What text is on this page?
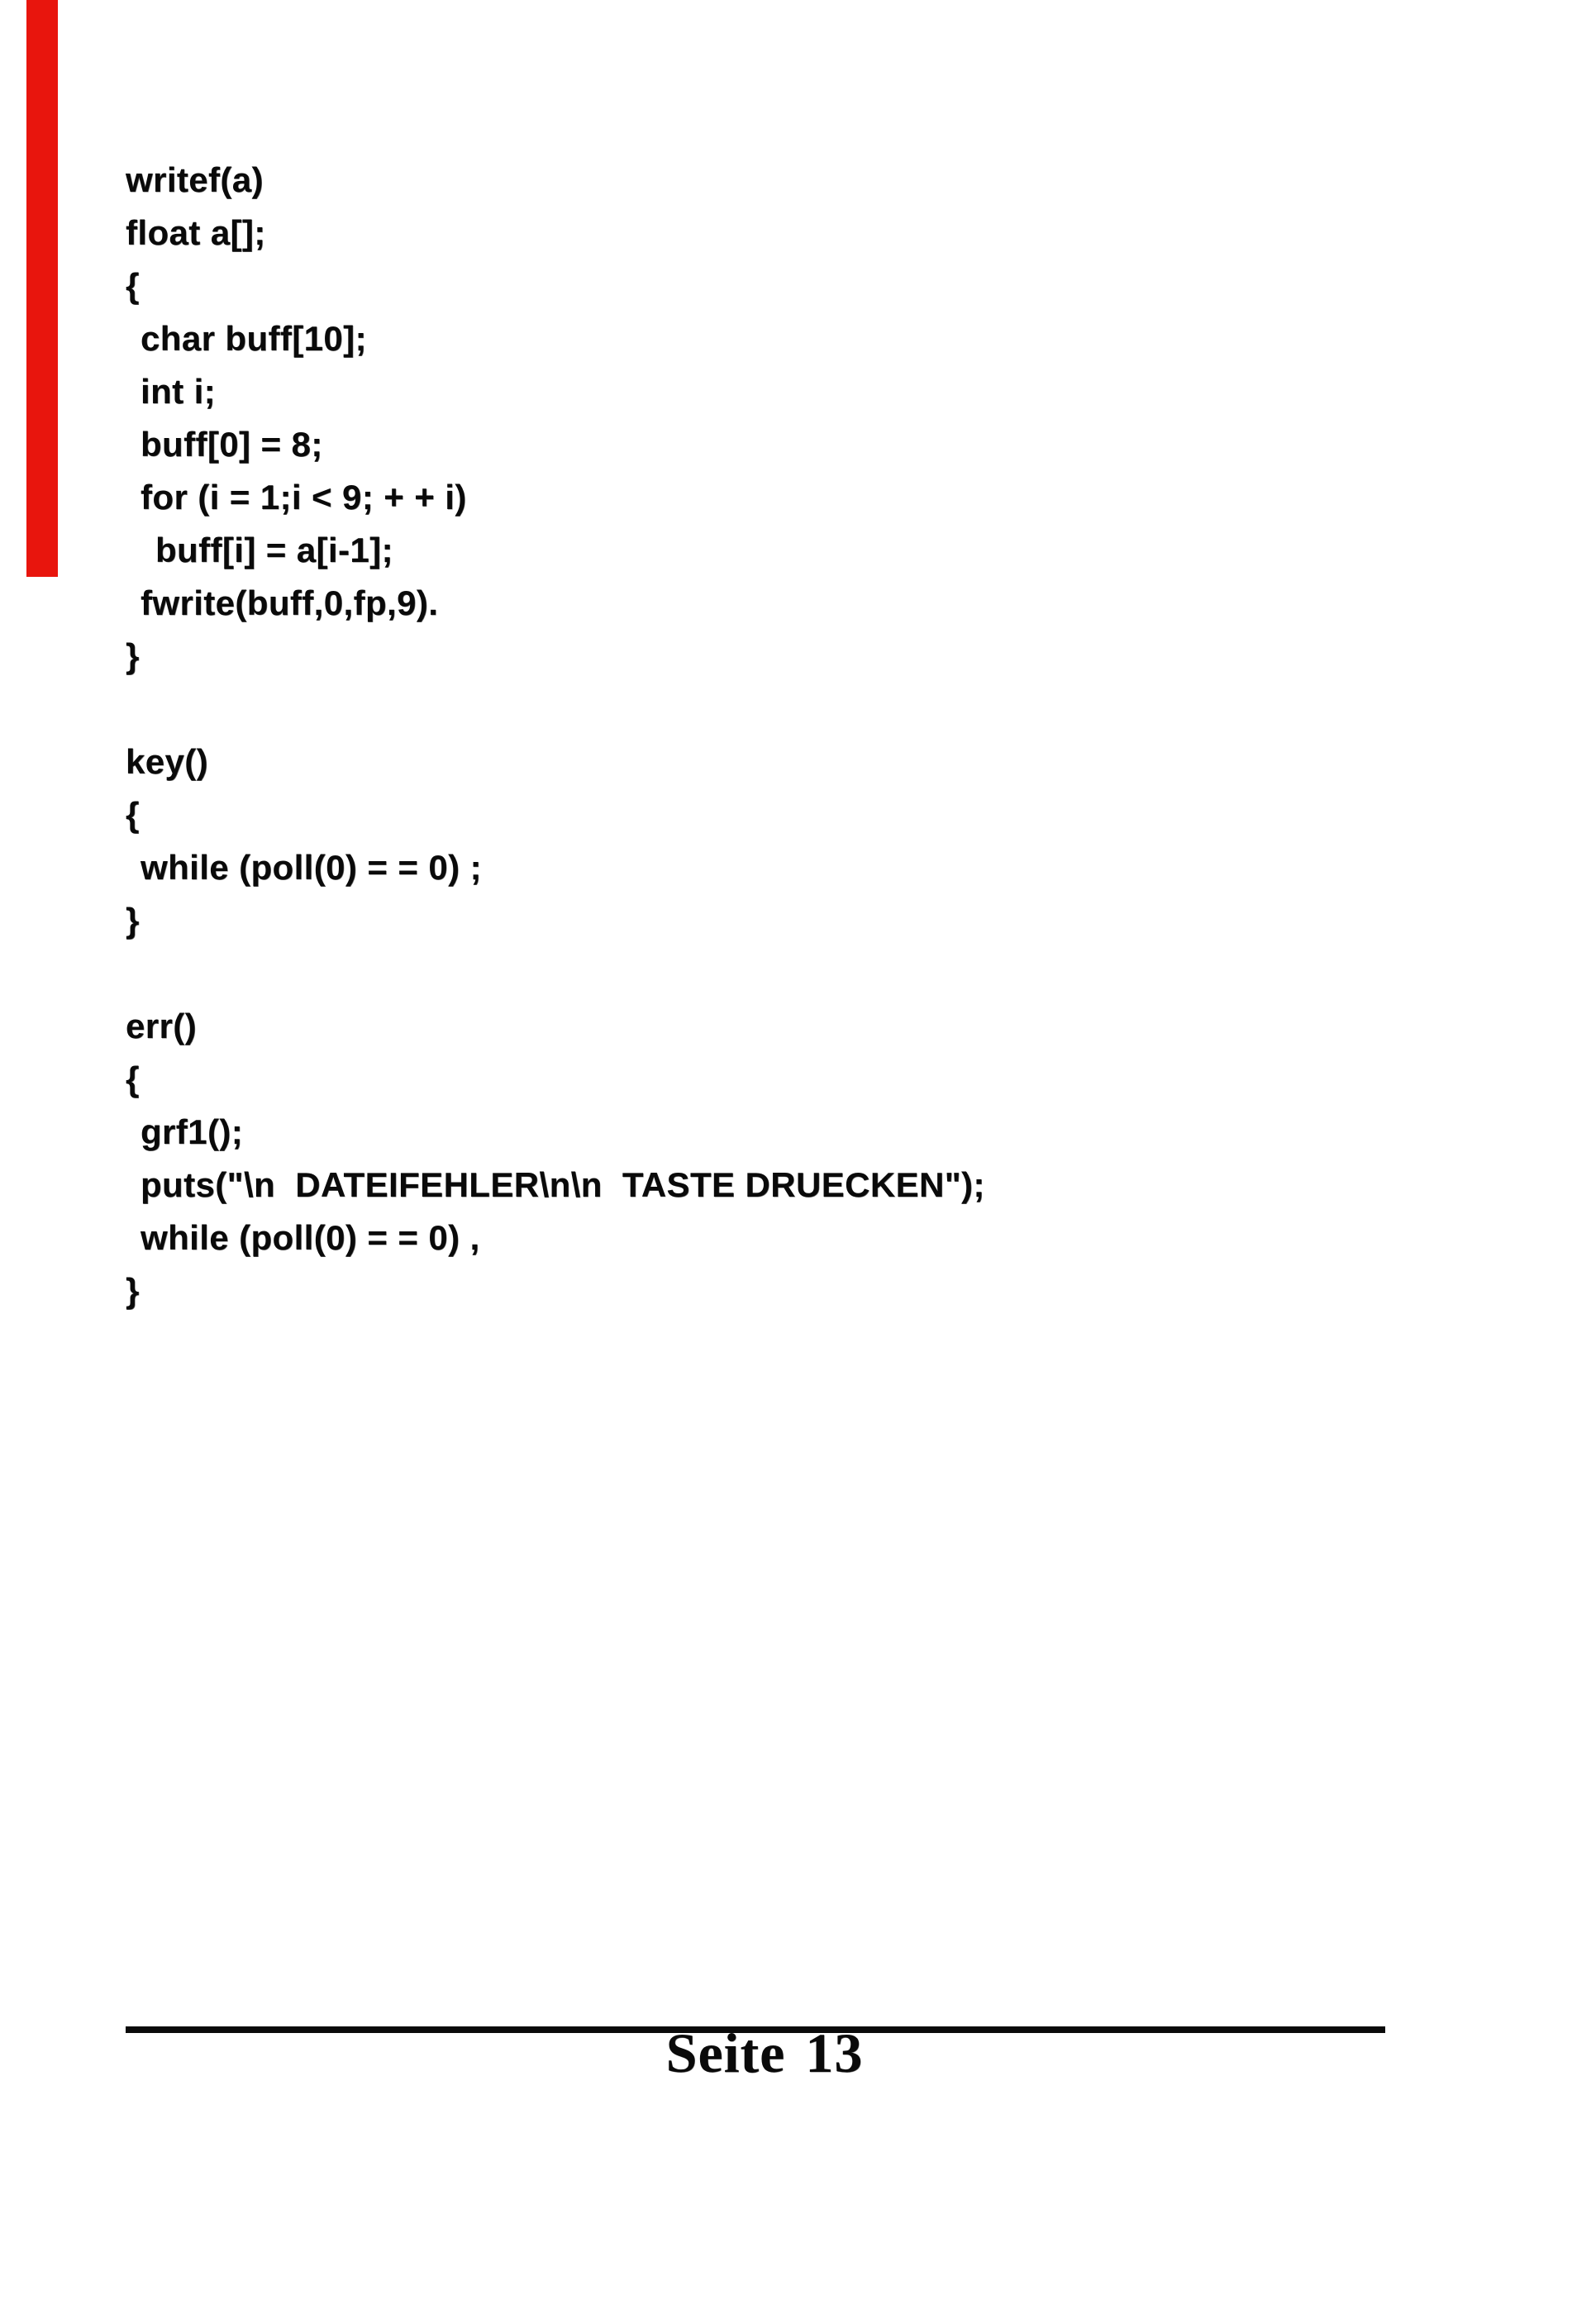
writef(a)
float a[];
{
char buff[10];
int i;
buff[0] = 8;
for (i = 1;i < 9; + + i)
buff[i] = a[i-1];
fwrite(buff,0,fp,9).
}

key()
{
while (poll(0) = = 0) ;
}

err()
{
grf1();
puts("\n  DATEIFEHLER\n\n  TASTE DRUECKEN");
while (poll(0) = = 0) ,
}
Seite 13
